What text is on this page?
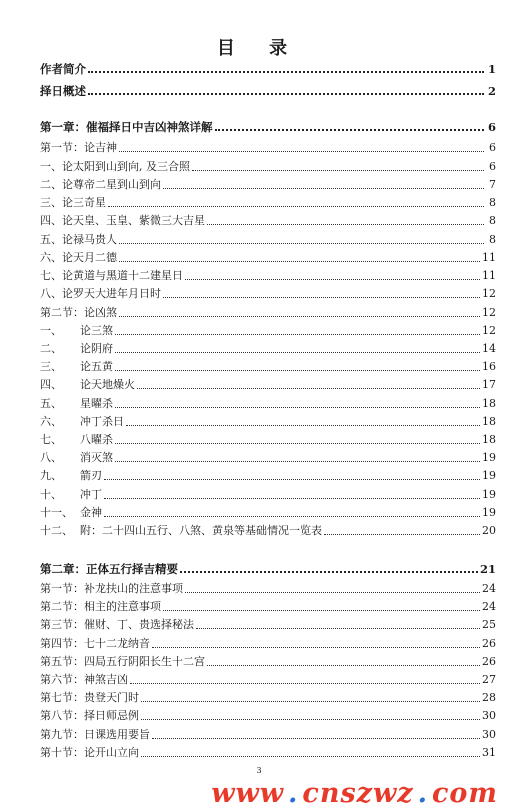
目 录
作者简介	1
择日概述	2
第一章：催福择日中吉凶神煞详解	6
第一节：论吉神	6
一、论太阳到山到向, 及三合照	6
二、论尊帝二星到山到向	7
三、论三奇星	8
四、论天皇、玉皇、紫微三大吉星	8
五、论禄马贵人	8
六、论天月二德	11
七、论黄道与黑道十二建星日	11
八、论罗天大进年月日时	12
第二节：论凶煞	12
一、 论三煞	12
二、 论阴府	14
三、 论五黄	16
四、 论天地燥火	17
五、 星曜杀	18
六、 冲丁杀日	18
七、 八曜杀	18
八、 消灭煞	19
九、 箭刃	19
十、 冲丁	19
十一、 金神	19
十二、 附：二十四山五行、八煞、黄泉等基础情况一览表	20
第二章：正体五行择吉精要	21
第一节：补龙扶山的注意事项	24
第二节：相主的注意事项	24
第三节：催财、丁、贵选择秘法	25
第四节：七十二龙纳音	26
第五节：四局五行阴阳长生十二宫	26
第六节：神煞吉凶	27
第七节：贵登天门时	28
第八节：择日师忌例	30
第九节：日课选用要旨	30
第十节：论开山立向	31
3
www . cnszwz . com
